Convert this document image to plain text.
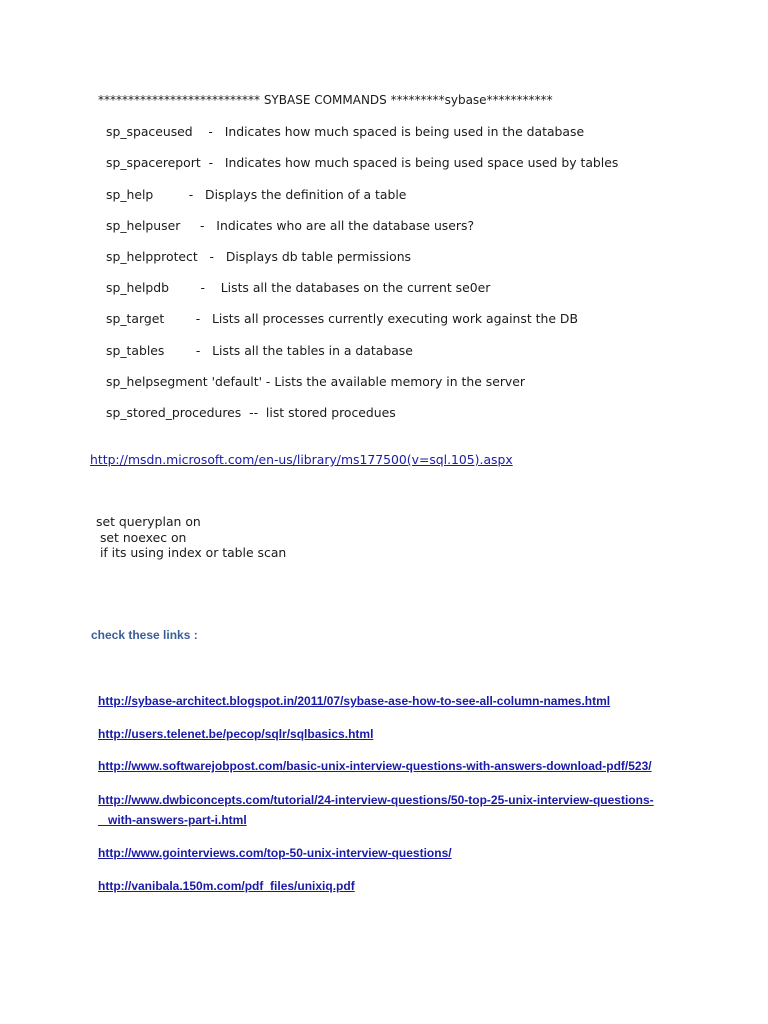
*************************** SYBASE COMMANDS *********sybase***********
sp_spaceused    -   Indicates how much spaced is being used in the database
sp_spacereport  -   Indicates how much spaced is being used space used by tables
sp_help         -   Displays the definition of a table
sp_helpuser     -   Indicates who are all the database users?
sp_helpprotect   -   Displays db table permissions
sp_helpdb        -    Lists all the databases on the current se0er
sp_target        -   Lists all processes currently executing work against the DB
sp_tables        -   Lists all the tables in a database
sp_helpsegment 'default' - Lists the available memory in the server
sp_stored_procedures  --  list stored procedues
http://msdn.microsoft.com/en-us/library/ms177500(v=sql.105).aspx
set queryplan on
set noexec on
if its using index or table scan
check these links :
http://sybase-architect.blogspot.in/2011/07/sybase-ase-how-to-see-all-column-names.html
http://users.telenet.be/pecop/sqlr/sqlbasics.html
http://www.softwarejobpost.com/basic-unix-interview-questions-with-answers-download-pdf/523/
http://www.dwbiconcepts.com/tutorial/24-interview-questions/50-top-25-unix-interview-questions-
with-answers-part-i.html
http://www.gointerviews.com/top-50-unix-interview-questions/
http://vanibala.150m.com/pdf_files/unixiq.pdf
